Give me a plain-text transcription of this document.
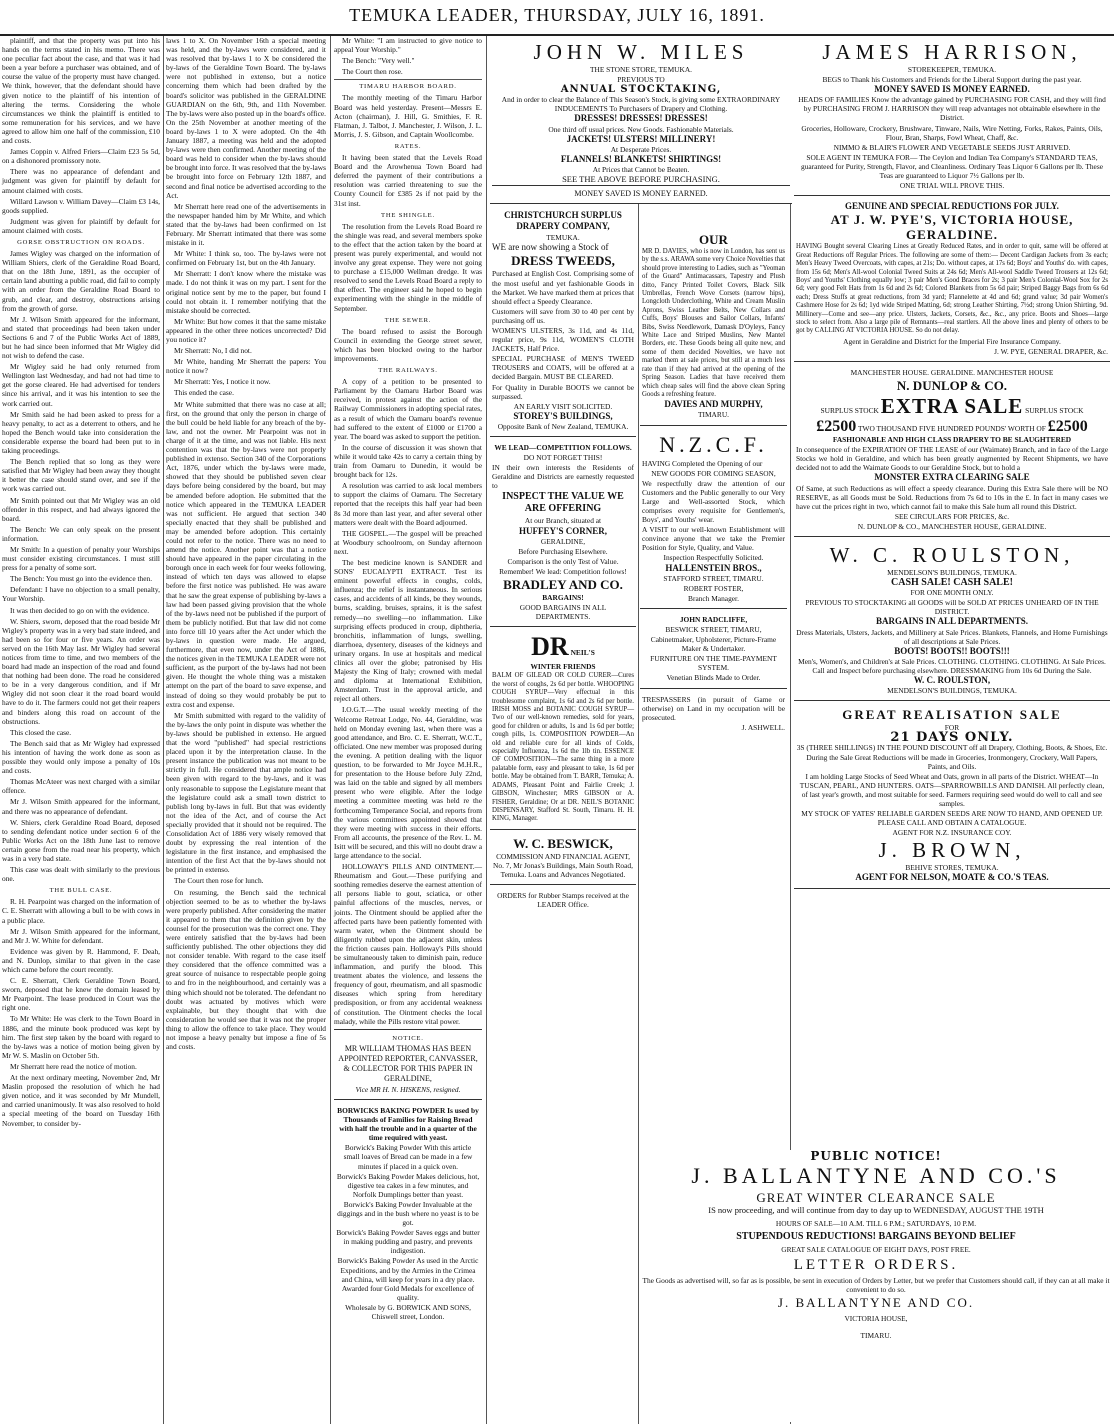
TEMUKA LEADER, THURSDAY, JULY 16, 1891.

plaintiff, and that the property was put into his hands on the terms stated in his memo. There was one peculiar fact about the case, and that was it had been a year before a purchaser was obtained, and of course the value of the property must have changed. We think, however, that the defendant should have given notice to the plaintiff of his intention of altering the terms. Considering the whole circumstances we think the plaintiff is entitled to some remuneration for his services, and we have agreed to allow him one half of the commission, £10 and costs.

James Coppin v. Alfred Friers—Claim £23 5s 5d, on a dishonored promissory note.

There was no appearance of defendant and judgment was given for plaintiff by default for amount claimed with costs.

Willard Lawson v. William Davey—Claim £3 14s, goods supplied.

Judgment was given for plaintiff by default for amount claimed with costs.

GORSE OBSTRUCTION ON ROADS.

James Wigley was charged on the information of William Shiers, clerk of the Geraldine Road Board, that on the 18th June, 1891, as the occupier of certain land abutting a public road, did fail to comply with an order from the Geraldine Road Board to grub, and clear, and destroy, obstructions arising from the growth of gorse.

Mr J. Wilson Smith appeared for the informant, and stated that proceedings had been taken under Sections 6 and 7 of the Public Works Act of 1889, but he had since been informed that Mr Wigley did not wish to defend the case.

Mr Wigley said he had only returned from Wellington last Wednesday, and had not had time to get the gorse cleared. He had advertised for tenders since his arrival, and it was his intention to see the work carried out.

Mr Smith said he had been asked to press for a heavy penalty, to act as a deterrent to others, and he hoped the Bench would take into consideration the considerable expense the board had been put to in taking proceedings.

The Bench replied that so long as they were satisfied that Mr Wigley had been away they thought it better the case should stand over, and see if the work was carried out.

Mr Smith pointed out that Mr Wigley was an old offender in this respect, and had always ignored the board.

The Bench: We can only speak on the present information.

Mr Smith: In a question of penalty your Worships must consider existing circumstances. I must still press for a penalty of some sort.

The Bench: You must go into the evidence then.

Defendant: I have no objection to a small penalty, Your Worship.

It was then decided to go on with the evidence.

W. Shiers, sworn, deposed that the road beside Mr Wigley's property was in a very bad state indeed, and had been so for four or five years. An order was served on the 16th May last. Mr Wigley had several notices from time to time, and two members of the board had made an inspection of the road and found that nothing had been done. The road he considered to be in a very dangerous condition, and if Mr Wigley did not soon clear it the road board would have to do it. The farmers could not get their reapers and binders along this road on account of the obstructions.

This closed the case.

The Bench said that as Mr Wigley had expressed his intention of having the work done as soon as possible they would only impose a penalty of 10s and costs.

Thomas McAteer was next charged with a similar offence.

Mr J. Wilson Smith appeared for the informant, and there was no appearance of defendant.

W. Shiers, clerk Geraldine Road Board, deposed to sending defendant notice under section 6 of the Public Works Act on the 18th June last to remove certain gorse from the road near his property, which was in a very bad state.

This case was dealt with similarly to the previous one.

THE BULL CASE.

R. H. Pearpoint was charged on the information of C. E. Sherratt with allowing a bull to be with cows in a public place.

Mr J. Wilson Smith appeared for the informant, and Mr J. W. White for defendant.

Evidence was given by R. Hammond, F. Deah, and N. Dunlop, similar to that given in the case which came before the court recently.

C. E. Sherratt, Clerk Geraldine Town Board, sworn, deposed that he knew the domain leased by Mr Pearpoint. The lease produced in Court was the right one.

To Mr White: He was clerk to the Town Board in 1886, and the minute book produced was kept by him. The first step taken by the board with regard to the by-laws was a notice of motion being given by Mr W. S. Maslin on October 5th.

Mr Sherratt here read the notice of motion.

At the next ordinary meeting, November 2nd, Mr Maslin proposed the resolution of which he had given notice, and it was seconded by Mr Mundell, and carried unanimously. It was also resolved to hold a special meeting of the board on Tuesday 16th November, to consider by-

laws 1 to X. On November 16th a special meeting was held, and the by-laws were considered, and it was resolved that by-laws 1 to X be considered the by-laws of the Geraldine Town Board. The by-laws were not published in extenso, but a notice concerning them which had been drafted by the board's solicitor was published in the GERALDINE GUARDIAN on the 6th, 9th, and 11th November. The by-laws were also posted up in the board's office. On the 25th November at another meeting of the board by-laws 1 to X were adopted. On the 4th January 1887, a meeting was held and the adopted by-laws were then confirmed. Another meeting of the board was held to consider when the by-laws should be brought into force. It was resolved that the by-laws be brought into force on February 12th 1887, and second and final notice be advertised according to the Act.

Mr Sherratt here read one of the advertisements in the newspaper handed him by Mr White, and which stated that the by-laws had been confirmed on 1st February. Mr Sherratt intimated that there was some mistake in it.

Mr White: I think so, too. The by-laws were not confirmed on February 1st, but on the 4th January.

Mr Sherratt: I don't know where the mistake was made. I do not think it was on my part. I sent for the original notice sent by me to the paper, but found I could not obtain it. I remember notifying that the mistake should be corrected.

Mr White: But how comes it that the same mistake appeared in the other three notices uncorrected? Did you notice it?

Mr Sherratt: No, I did not.

Mr White, handing Mr Sherratt the papers: You notice it now?

Mr Sherratt: Yes, I notice it now.

This ended the case.

Mr White submitted that there was no case at all; first, on the ground that only the person in charge of the bull could be held liable for any breach of the by-law, and not the owner. Mr Pearpoint was not in charge of it at the time, and was not liable. His next contention was that the by-laws were not properly published in extenso. Section 340 of the Corporations Act, 1876, under which the by-laws were made, showed that they should be published seven clear days before being considered by the board, but may be amended before adoption. He submitted that the notice which appeared in the TEMUKA LEADER was not sufficient. He argued that section 340 specially enacted that they shall be published and may be amended before adoption. This certainly could not refer to the notice. There was no need to amend the notice. Another point was that a notice should have appeared in the paper circulating in the borough once in each week for four weeks following, instead of which ten days was allowed to elapse before the first notice was published. He was aware that he saw the great expense of publishing by-laws a law had been passed giving provision that the whole of the by-laws need not be published if the purport of them be publicly notified. But that law did not come into force till 10 years after the Act under which the by-laws in question were made. He argued, furthermore, that even now, under the Act of 1886, the notices given in the TEMUKA LEADER were not sufficient, as the purport of the by-laws had not been given. He thought the whole thing was a mistaken attempt on the part of the board to save expense, and instead of doing so they would probably be put to extra cost and expense.

Mr Smith submitted with regard to the validity of the by-laws the only point in dispute was whether the by-laws should be published in extenso. He argued that the word "published" had special restrictions placed upon it by the interpretation clause. In the present instance the publication was not meant to be strictly in full. He considered that ample notice had been given with regard to the by-laws, and it was only reasonable to suppose the Legislature meant that the legislature could ask a small town district to publish long by-laws in full. But that was evidently not the idea of the Act, and of course the Act specially provided that it should not be required. The Consolidation Act of 1886 very wisely removed that doubt by expressing the real intention of the legislature in the first instance, and emphasised the intention of the first Act that the by-laws should not be printed in extenso.

The Court then rose for lunch.

On resuming, the Bench said the technical objection seemed to be as to whether the by-laws were properly published. After considering the matter it appeared to them that the definition given by the counsel for the prosecution was the correct one. They were entirely satisfied that the by-laws had been sufficiently published. The other objections they did not consider tenable. With regard to the case itself they considered that the offence committed was a great source of nuisance to respectable people going to and fro in the neighbourhood, and certainly was a thing which should not be tolerated. The defendant no doubt was actuated by motives which were explainable, but they thought that with due consideration he would see that it was not the proper thing to allow the offence to take place. They would not impose a heavy penalty but impose a fine of 5s and costs.

Mr White: "I am instructed to give notice to appeal Your Worship."

The Bench: "Very well."

The Court then rose.

TIMARU HARBOR BOARD.

The monthly meeting of the Timaru Harbor Board was held yesterday. Present—Messrs E. Acton (chairman), J. Hill, G. Smithies, F. R. Flatman, J. Talbot, J. Manchester, J. Wilson, J. L. Morris, J. S. Gibson, and Captain Woollcombe.

RATES.

It having been stated that the Levels Road Board and the Arowhenua Town Board had deferred the payment of their contributions a resolution was carried threatening to sue the County Council for £385 2s if not paid by the 31st inst.

THE SHINGLE.

The resolution from the Levels Road Board re the shingle was read, and several members spoke to the effect that the action taken by the board at present was purely experimental, and would not involve any great expense. They were not going to purchase a £15,000 Wellman dredge. It was resolved to send the Levels Road Board a reply to that effect. The engineer said he hoped to begin experimenting with the shingle in the middle of September.

THE SEWER.

The board refused to assist the Borough Council in extending the George street sewer, which has been blocked owing to the harbor improvements.

THE RAILWAYS.

A copy of a petition to be presented to Parliament by the Oamaru Harbor Board was received, in protest against the action of the Railway Commissioners in adopting special rates, as a result of which the Oamaru board's revenue had suffered to the extent of £1000 or £1700 a year. The board was asked to support the petition.

In the course of discussion it was shown that while it would take 42s to carry a certain thing by train from Oamaru to Dunedin, it would be brought back for 12s.

A resolution was carried to ask local members to support the claims of Oamaru. The Secretary reported that the receipts this half year had been 8s 3d more than last year, and after several other matters were dealt with the Board adjourned.

THE GOSPEL.—The gospel will be preached at Woodbury schoolroom, on Sunday afternoon next.

The best medicine known is SANDER and SONS' EUCALYPTI EXTRACT. Test its eminent powerful effects in coughs, colds, influenza; the relief is instantaneous. In serious cases, and accidents of all kinds, be they wounds, burns, scalding, bruises, sprains, it is the safest remedy—no swelling—no inflammation. Like surprising effects produced in croup, diphtheria, bronchitis, inflammation of lungs, swelling, diarrhoea, dysentery, diseases of the kidneys and urinary organs. In use at hospitals and medical clinics all over the globe; patronised by His Majesty the King of Italy; crowned with medal and diploma at International Exhibition, Amsterdam. Trust in the approval article, and reject all others.

I.O.G.T.—The usual weekly meeting of the Welcome Retreat Lodge, No. 44, Geraldine, was held on Monday evening last, when there was a good attendance, and Bro. C. E. Sherratt, W.C.T., officiated. One new member was proposed during the evening. A petition dealing with the liquor question, to be forwarded to Mr Joyce M.H.R., for presentation to the House before July 22nd, was laid on the table and signed by all members present who were eligible. After the lodge meeting a committee meeting was held re the forthcoming Temperance Social, and reports from the various committees appointed showed that they were meeting with success in their efforts. From all accounts, the presence of the Rev. L. M. Isitt will be secured, and this will no doubt draw a large attendance to the social.

HOLLOWAY'S PILLS AND OINTMENT.—Rheumatism and Gout.—These purifying and soothing remedies deserve the earnest attention of all persons liable to gout, sciatica, or other painful affections of the muscles, nerves, or joints. The Ointment should be applied after the affected parts have been patiently fomented with warm water, when the Ointment should be diligently rubbed upon the adjacent skin, unless the friction causes pain. Holloway's Pills should be simultaneously taken to diminish pain, reduce inflammation, and purify the blood. This treatment abates the violence, and lessens the frequency of gout, rheumatism, and all spasmodic diseases which spring from hereditary predisposition, or from any accidental weakness of constitution. The Ointment checks the local malady, while the Pills restore vital power.

NOTICE.

MR WILLIAM THOMAS HAS BEEN APPOINTED REPORTER, CANVASSER, & COLLECTOR FOR THIS PAPER IN GERALDINE,

Vice MR H. N. HISKENS, resigned.

BORWICKS BAKING POWDER Is used by Thousands of Families for Raising Bread with half the trouble and in a quarter of the time required with yeast.

Borwick's Baking Powder With this article small loaves of Bread can be made in a few minutes if placed in a quick oven.

Borwick's Baking Powder Makes delicious, hot, digestive tea cakes in a few minutes, and Norfolk Dumplings better than yeast.

Borwick's Baking Powder Invaluable at the diggings and in the bush where no yeast is to be got.

Borwick's Baking Powder Saves eggs and butter in making pudding and pastry, and prevents indigestion.

Borwick's Baking Powder As used in the Arctic Expeditions, and by the Armies in the Crimea and China, will keep for years in a dry place. Awarded four Gold Medals for excellence of quality.

Wholesale by G. BORWICK AND SONS, Chiswell street, London.

JOHN W. MILES

THE STONE STORE, TEMUKA.

PREVIOUS TO

ANNUAL STOCKTAKING,

And in order to clear the Balance of This Season's Stock, is giving some EXTRAORDINARY INDUCEMENTS To Purchasers of Drapery and Clothing.

DRESSES! DRESSES! DRESSES!

One third off usual prices. New Goods. Fashionable Materials.

JACKETS! ULSTERS! MILLINERY!

At Desperate Prices.

FLANNELS! BLANKETS! SHIRTINGS!

At Prices that Cannot be Beaten.

SEE THE ABOVE BEFORE PURCHASING.

MONEY SAVED IS MONEY EARNED.

CHRISTCHURCH SURPLUS DRAPERY COMPANY,

TEMUKA.

WE are now showing a Stock of

DRESS TWEEDS,

Purchased at English Cost. Comprising some of the most useful and yet fashionable Goods in the Market. We have marked them at prices that should effect a Speedy Clearance.

Customers will save from 30 to 40 per cent by purchasing off us.

WOMEN'S ULSTERS, 3s 11d, and 4s 11d, regular price, 9s 11d, WOMEN'S CLOTH JACKETS, Half Price.

SPECIAL PURCHASE of MEN'S TWEED TROUSERS and COATS, will be offered at a decided Bargain. MUST BE CLEARED.

For Quality in Durable BOOTS we cannot be surpassed.

AN EARLY VISIT SOLICITED.

STOREY'S BUILDINGS,

Opposite Bank of New Zealand, TEMUKA.

WE LEAD—COMPETITION FOLLOWS.

DO NOT FORGET THIS!

IN their own interests the Residents of Geraldine and Districts are earnestly requested to

INSPECT THE VALUE WE ARE OFFERING

At our Branch, situated at

HUFFEY'S CORNER,

GERALDINE,

Before Purchasing Elsewhere.

Comparison is the only Test of Value.

Remember! We lead: Competition follows!

BRADLEY AND CO.

BARGAINS!

GOOD BARGAINS IN ALL DEPARTMENTS.

DR NEIL'S

WINTER FRIENDS

BALM OF GILEAD OR COLD CURER—Cures the worst of coughs, 2s 6d per bottle. WHOOPING COUGH SYRUP—Very effectual in this troublesome complaint, 1s 6d and 2s 6d per bottle. IRISH MOSS and BOTANIC COUGH SYRUP—Two of our well-known remedies, sold for years, good for children or adults, 1s and 1s 6d per bottle; cough pills, 1s. COMPOSITION POWDER—An old and reliable cure for all kinds of Colds, especially Influenza, 1s 6d the 1lb tin. ESSENCE OF COMPOSITION—The same thing in a more palatable form, easy and pleasant to take, 1s 6d per bottle. May be obtained from T. BARR, Temuka; A. ADAMS, Pleasant Point and Fairlie Creek; J. GIBSON, Winchester; MRS GIBSON or A. FISHER, Geraldine; Or at DR. NEIL'S BOTANIC DISPENSARY, Stafford St. South, Timaru. H. H. KING, Manager.

W. C. BESWICK,

COMMISSION AND FINANCIAL AGENT, No. 7, Mr Jonas's Buildings, Main South Road, Temuka. Loans and Advances Negotiated.

ORDERS for Rubber Stamps received at the LEADER Office.

OUR

MR D. DAVIES, who is now in London, has sent us by the s.s. ARAWA some very Choice Novelties that should prove interesting to Ladies, such as "Yeoman of the Guard" Antimacassars, Tapestry and Plush ditto, Fancy Printed Toilet Covers, Black Silk Umbrellas, French Wove Corsets (narrow hips), Longcloth Underclothing, White and Cream Muslin Aprons, Swiss Leather Belts, New Collars and Cuffs, Boys' Blouses and Sailor Collars, Infants' Bibs, Swiss Needlework, Damask D'Oyleys, Fancy White Lace and Striped Muslins, New Mantel Borders, etc. These Goods being all quite new, and some of them decided Novelties, we have not marked them at sale prices, but still at a much less rate than if they had arrived at the opening of the Spring Season. Ladies that have received them which cheap sales will find the above clean Spring Goods a refreshing feature.

DAVIES AND MURPHY,

TIMARU.

N.Z.C.F.

HAVING Completed the Opening of our

NEW GOODS FOR COMING SEASON,

We respectfully draw the attention of our Customers and the Public generally to our Very Large and Well-assorted Stock, which comprises every requisite for Gentlemen's, Boys', and Youths' wear.

A VISIT to our well-known Establishment will convince anyone that we take the Premier Position for Style, Quality, and Value.

Inspection Respectfully Solicited.

HALLENSTEIN BROS.,

STAFFORD STREET, TIMARU.

ROBERT FOSTER,

Branch Manager.

JOHN RADCLIFFE,

BESWICK STREET, TIMARU,

Cabinetmaker, Upholsterer, Picture-Frame Maker & Undertaker.

FURNITURE ON THE TIME-PAYMENT SYSTEM.

Venetian Blinds Made to Order.

TRESPASSERS (in pursuit of Game or otherwise) on Land in my occupation will be prosecuted.

J. ASHWELL.

JAMES HARRISON,

STOREKEEPER, TEMUKA.

BEGS to Thank his Customers and Friends for the Liberal Support during the past year.

MONEY SAVED IS MONEY EARNED.

HEADS OF FAMILIES Know the advantage gained by PURCHASING FOR CASH, and they will find by PURCHASING FROM J. HARRISON they will reap advantages not obtainable elsewhere in the District.

Groceries, Holloware, Crockery, Brushware, Tinware, Nails, Wire Netting, Forks, Rakes, Paints, Oils, Flour, Bran, Sharps, Fowl Wheat, Chaff, &c.

NIMMO & BLAIR'S FLOWER AND VEGETABLE SEEDS JUST ARRIVED.

SOLE AGENT IN TEMUKA FOR— The Ceylon and Indian Tea Company's STANDARD TEAS, guaranteed for Purity, Strength, Flavor, and Cleanliness. Ordinary Teas Liquor 6 Gallons per lb. These Teas are guaranteed to Liquor 7½ Gallons per lb.

ONE TRIAL WILL PROVE THIS.

GENUINE AND SPECIAL REDUCTIONS FOR JULY.

AT J. W. PYE'S, VICTORIA HOUSE, GERALDINE.

HAVING Bought several Clearing Lines at Greatly Reduced Rates, and in order to quit, same will be offered at Great Reductions off Regular Prices. The following are some of them:— Decent Cardigan Jackets from 3s each; Men's Heavy Tweed Overcoats, with capes, at 21s; Do. without capes, at 17s 6d; Boys' and Youths' do. with capes, from 15s 6d; Men's All-wool Colonial Tweed Suits at 24s 6d; Men's All-wool Saddle Tweed Trousers at 12s 6d; Boys' and Youths' Clothing equally low; 3 pair Men's Good Braces for 2s; 3 pair Men's Colonial-Wool Sox for 2s 6d; very good Felt Hats from 1s 6d and 2s 6d; Colored Blankets from 5s 6d pair; Striped Baggy Bags from 6s 6d each; Dress Stuffs at great reductions, from 3d yard; Flannelette at 4d and 6d; grand value; 3d pair Women's Cashmere Hose for 2s 6d; 1yd wide Striped Matting, 6d; strong Leather Shirting, 7½d; strong Union Shirting, 9d. Millinery—Come and see—any price. Ulsters, Jackets, Corsets, &c., &c., any price. Boots and Shoes—large stock to select from. Also a large pile of Remnants—real startlers. All the above lines and plenty of others to be got by CALLING AT VICTORIA HOUSE. So do not delay.

Agent in Geraldine and District for the Imperial Fire Insurance Company.

J. W. PYE, GENERAL DRAPER, &c.

MANCHESTER HOUSE. GERALDINE. MANCHESTER HOUSE

N. DUNLOP & CO.

SURPLUS STOCK EXTRA SALE SURPLUS STOCK

£2500 TWO THOUSAND FIVE HUNDRED POUNDS' WORTH OF £2500

FASHIONABLE AND HIGH CLASS DRAPERY TO BE SLAUGHTERED

In consequence of the EXPIRATION OF THE LEASE of our (Waimate) Branch, and in face of the Large Stocks we hold in Geraldine, and which has been greatly augmented by Recent Shipments, we have decided not to add the Waimate Goods to our Geraldine Stock, but to hold a

MONSTER EXTRA CLEARING SALE

Of Same, at such Reductions as will effect a speedy clearance. During this Extra Sale there will be NO RESERVE, as all Goods must be Sold. Reductions from 7s 6d to 10s in the £. In fact in many cases we have cut the prices right in two, which cannot fail to make this Sale hum all round this District.

SEE CIRCULARS FOR PRICES, &c.

N. DUNLOP & CO., MANCHESTER HOUSE, GERALDINE.

W. C. ROULSTON,

MENDELSON'S BUILDINGS, TEMUKA.

CASH SALE! CASH SALE!

FOR ONE MONTH ONLY.

PREVIOUS TO STOCKTAKING all GOODS will be SOLD AT PRICES UNHEARD OF IN THE DISTRICT.

BARGAINS IN ALL DEPARTMENTS.

Dress Materials, Ulsters, Jackets, and Millinery at Sale Prices. Blankets, Flannels, and Home Furnishings of all descriptions at Sale Prices.

BOOTS! BOOTS!! BOOTS!!!

Men's, Women's, and Children's at Sale Prices. CLOTHING. CLOTHING. CLOTHING. At Sale Prices. Call and Inspect before purchasing elsewhere. DRESSMAKING from 10s 6d During the Sale.

W. C. ROULSTON,

MENDELSON'S BUILDINGS, TEMUKA.

GREAT REALISATION SALE

FOR

21 DAYS ONLY.

3S (THREE SHILLINGS) IN THE POUND DISCOUNT off all Drapery, Clothing, Boots, & Shoes, Etc. During the Sale Great Reductions will be made in Groceries, Ironmongery, Crockery, Wall Papers, Paints, and Oils.

I am holding Large Stocks of Seed Wheat and Oats, grown in all parts of the District. WHEAT—In TUSCAN, PEARL, AND HUNTERS. OATS—SPARROWBILLS AND DANISH. All perfectly clean, of last year's growth, and most suitable for seed. Farmers requiring seed would do well to call and see samples.

MY STOCK OF YATES' RELIABLE GARDEN SEEDS ARE NOW TO HAND, AND OPENED UP. PLEASE CALL AND OBTAIN A CATALOGUE.

AGENT FOR N.Z. INSURANCE COY.

J. BROWN,

BEHIVE STORES, TEMUKA.

AGENT FOR NELSON, MOATE & CO.'S TEAS.

PUBLIC NOTICE!

J. BALLANTYNE AND CO.'S

GREAT WINTER CLEARANCE SALE

IS now proceeding, and will continue from day to day up to WEDNESDAY, AUGUST THE 19TH

HOURS OF SALE—10 A.M. TILL 6 P.M.; SATURDAYS, 10 P.M.

STUPENDOUS REDUCTIONS! BARGAINS BEYOND BELIEF

GREAT SALE CATALOGUE OF EIGHT DAYS, POST FREE.

LETTER ORDERS.

The Goods as advertised will, so far as is possible, be sent in execution of Orders by Letter, but we prefer that Customers should call, if they can at all make it convenient to do so.

J. BALLANTYNE AND CO.

VICTORIA HOUSE,

TIMARU.
